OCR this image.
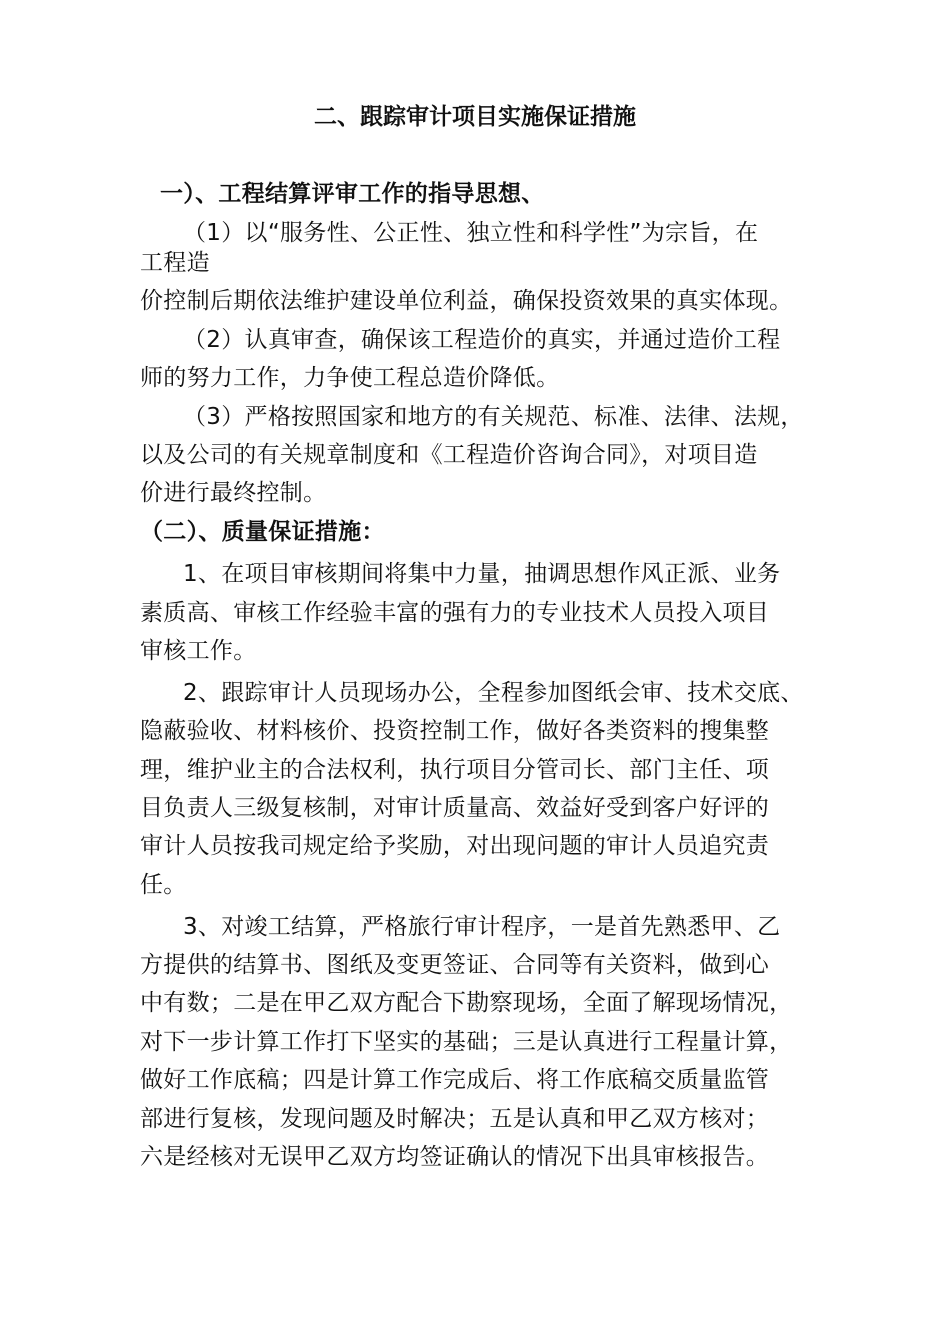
二、跟踪审计项目实施保证措施
一）、工程结算评审工作的指导思想、
（1）以“服务性、公正性、独立性和科学性”为宗旨，在
工程造
价控制后期依法维护建设单位利益，确保投资效果的真实体现。
（2）认真审查，确保该工程造价的真实，并通过造价工程
师的努力工作，力争使工程总造价降低。
（3）严格按照国家和地方的有关规范、标准、法律、法规，
以及公司的有关规章制度和《工程造价咨询合同》，对项目造
价进行最终控制。
（二）、质量保证措施：
1、在项目审核期间将集中力量，抽调思想作风正派、业务
素质高、审核工作经验丰富的强有力的专业技术人员投入项目
审核工作。
2、跟踪审计人员现场办公，全程参加图纸会审、技术交底、
隐蔽验收、材料核价、投资控制工作，做好各类资料的搜集整
理，维护业主的合法权利，执行项目分管司长、部门主任、项
目负责人三级复核制，对审计质量高、效益好受到客户好评的
审计人员按我司规定给予奖励，对出现问题的审计人员追究责
任。
3、对竣工结算，严格旅行审计程序，一是首先熟悉甲、乙
方提供的结算书、图纸及变更签证、合同等有关资料，做到心
中有数；二是在甲乙双方配合下勘察现场，全面了解现场情况，
对下一步计算工作打下坚实的基础；三是认真进行工程量计算，
做好工作底稿；四是计算工作完成后、将工作底稿交质量监管
部进行复核，发现问题及时解决；五是认真和甲乙双方核对；
六是经核对无误甲乙双方均签证确认的情况下出具审核报告。
